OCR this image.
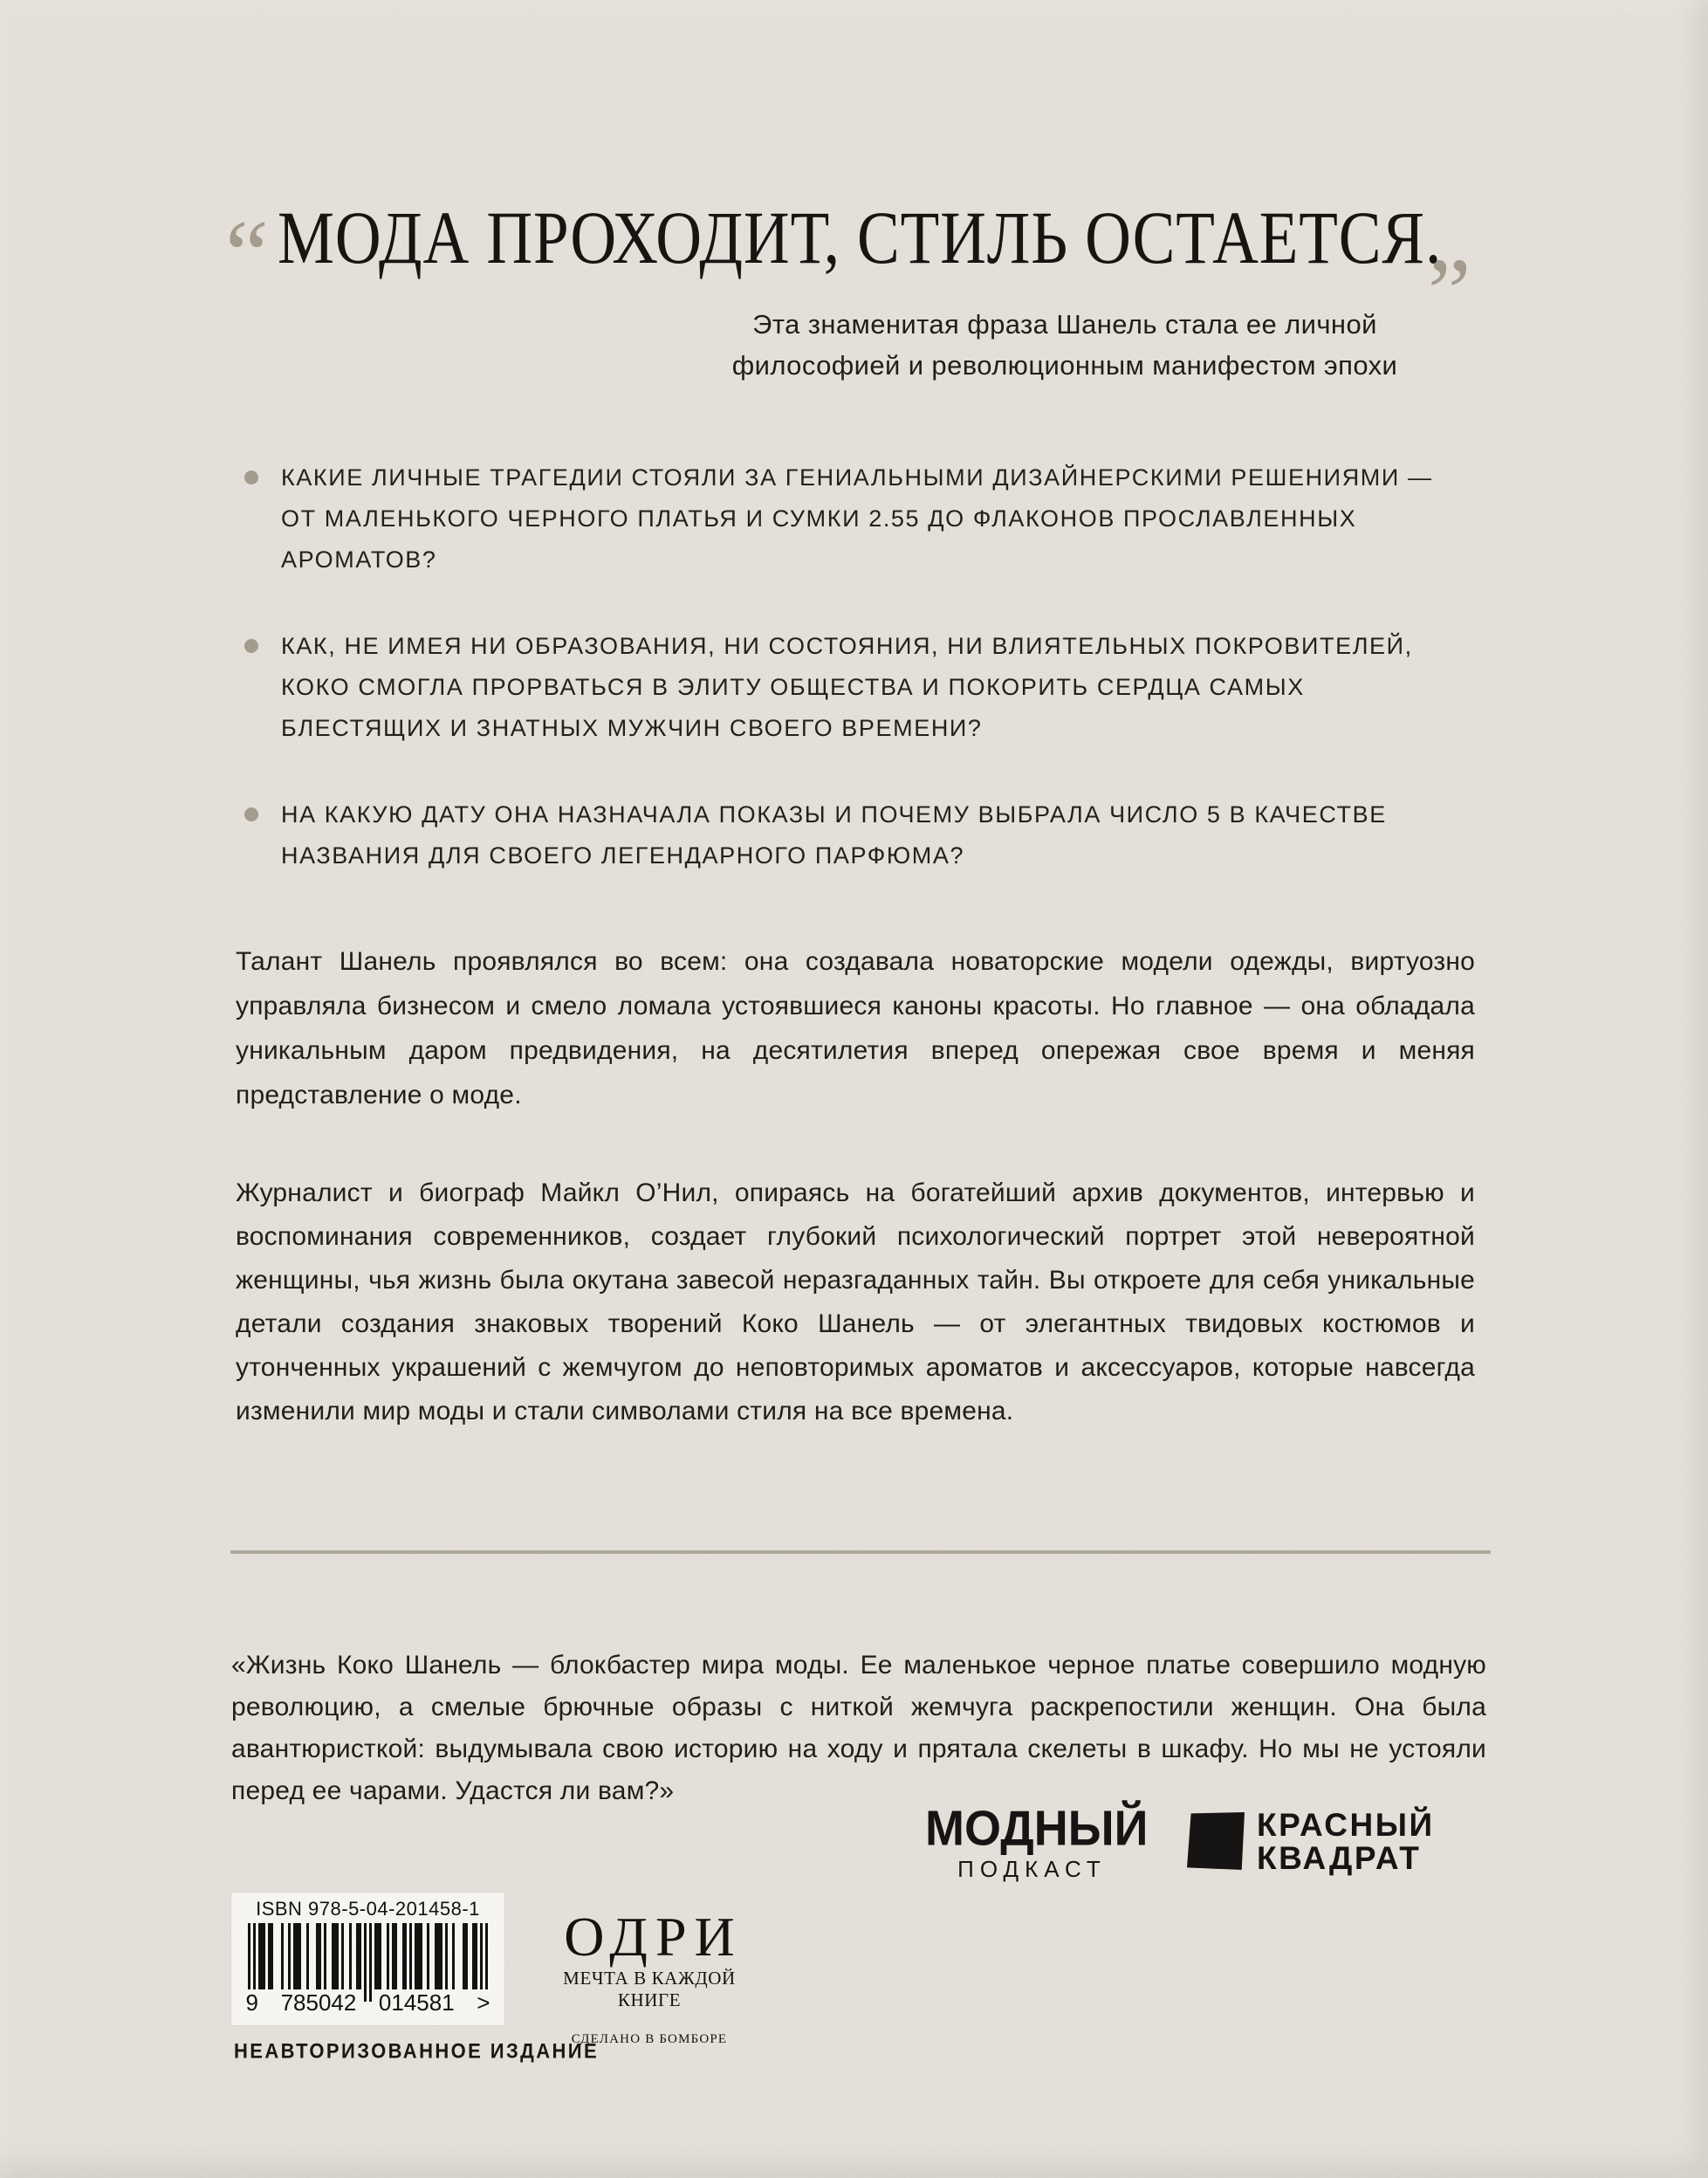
“ МОДА ПРОХОДИТ, СТИЛЬ ОСТАЕТСЯ.
”
Эта знаменитая фраза Шанель стала ее личной философией и революционным манифестом эпохи
КАКИЕ ЛИЧНЫЕ ТРАГЕДИИ СТОЯЛИ ЗА ГЕНИАЛЬНЫМИ ДИЗАЙНЕРСКИМИ РЕШЕНИЯМИ — ОТ МАЛЕНЬКОГО ЧЕРНОГО ПЛАТЬЯ И СУМКИ 2.55 ДО ФЛАКОНОВ ПРОСЛАВЛЕННЫХ АРОМАТОВ?
КАК, НЕ ИМЕЯ НИ ОБРАЗОВАНИЯ, НИ СОСТОЯНИЯ, НИ ВЛИЯТЕЛЬНЫХ ПОКРОВИТЕЛЕЙ, КОКО СМОГЛА ПРОРВАТЬСЯ В ЭЛИТУ ОБЩЕСТВА И ПОКОРИТЬ СЕРДЦА САМЫХ БЛЕСТЯЩИХ И ЗНАТНЫХ МУЖЧИН СВОЕГО ВРЕМЕНИ?
НА КАКУЮ ДАТУ ОНА НАЗНАЧАЛА ПОКАЗЫ И ПОЧЕМУ ВЫБРАЛА ЧИСЛО 5 В КАЧЕСТВЕ НАЗВАНИЯ ДЛЯ СВОЕГО ЛЕГЕНДАРНОГО ПАРФЮМА?

Талант Шанель проявлялся во всем: она создавала новаторские модели одежды, виртуозно управляла бизнесом и смело ломала устоявшиеся каноны красоты. Но главное — она обладала уникальным даром предвидения, на десятилетия вперед опережая свое время и меняя представление о моде.

Журналист и биограф Майкл О’Нил, опираясь на богатейший архив документов, интервью и воспоминания современников, создает глубокий психологический портрет этой невероятной женщины, чья жизнь была окутана завесой неразгаданных тайн. Вы откроете для себя уникальные детали создания знаковых творений Коко Шанель — от элегантных твидовых костюмов и утонченных украшений с жемчугом до неповторимых ароматов и аксессуаров, которые навсегда изменили мир моды и стали символами стиля на все времена.

«Жизнь Коко Шанель — блокбастер мира моды. Ее маленькое черное платье совершило модную революцию, а смелые брючные образы с ниткой жемчуга раскрепостили женщин. Она была авантюристкой: выдумывала свою историю на ходу и прятала скелеты в шкафу. Но мы не устояли перед ее чарами. Удастся ли вам?»

МОДНЫЙ
ПОДКАСТ
КРАСНЫЙ
КВАДРАТ
ISBN 978-5-04-201458-1
9 785042 014581 >
ОДРИ
МЕЧТА В КАЖДОЙ КНИГЕ
СДЕЛАНО В БОМБОРЕ
НЕАВТОРИЗОВАННОЕ ИЗДАНИЕ
